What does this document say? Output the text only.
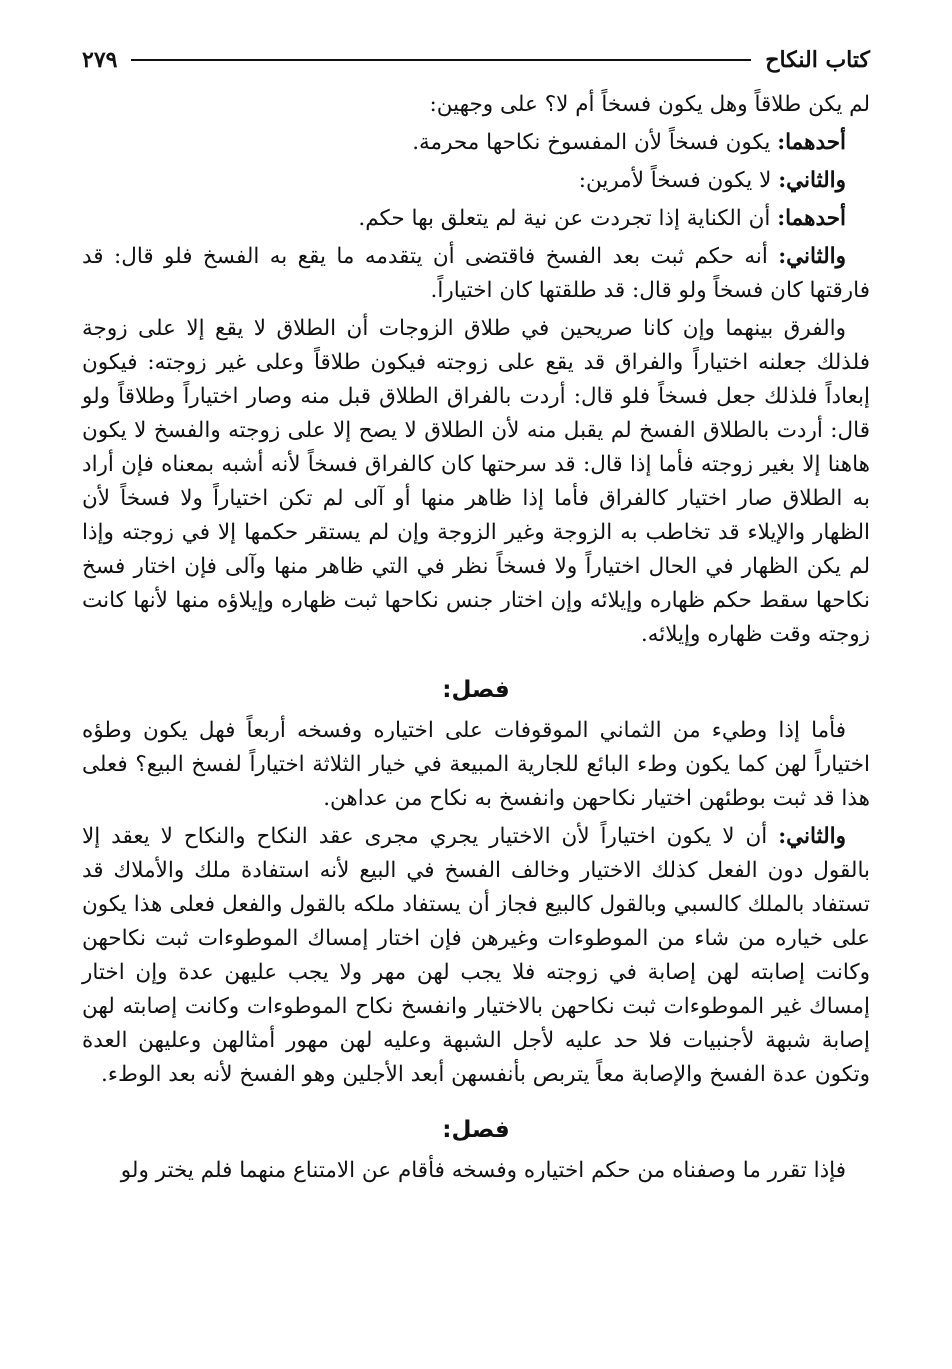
كتاب النكاح
٢٧٩

لم يكن طلاقاً وهل يكون فسخاً أم لا؟ على وجهين:

أحدهما: يكون فسخاً لأن المفسوخ نكاحها محرمة.

والثاني: لا يكون فسخاً لأمرين:

أحدهما: أن الكناية إذا تجردت عن نية لم يتعلق بها حكم.

والثاني: أنه حكم ثبت بعد الفسخ فاقتضى أن يتقدمه ما يقع به الفسخ فلو قال: قد فارقتها كان فسخاً ولو قال: قد طلقتها كان اختياراً.

والفرق بينهما وإن كانا صريحين في طلاق الزوجات أن الطلاق لا يقع إلا على زوجة فلذلك جعلنه اختياراً والفراق قد يقع على زوجته فيكون طلاقاً وعلى غير زوجته: فيكون إبعاداً فلذلك جعل فسخاً فلو قال: أردت بالفراق الطلاق قبل منه وصار اختياراً وطلاقاً ولو قال: أردت بالطلاق الفسخ لم يقبل منه لأن الطلاق لا يصح إلا على زوجته والفسخ لا يكون هاهنا إلا بغير زوجته فأما إذا قال: قد سرحتها كان كالفراق فسخاً لأنه أشبه بمعناه فإن أراد به الطلاق صار اختيار كالفراق فأما إذا ظاهر منها أو آلى لم تكن اختياراً ولا فسخاً لأن الظهار والإيلاء قد تخاطب به الزوجة وغير الزوجة وإن لم يستقر حكمها إلا في زوجته وإذا لم يكن الظهار في الحال اختياراً ولا فسخاً نظر في التي ظاهر منها وآلى فإن اختار فسخ نكاحها سقط حكم ظهاره وإيلائه وإن اختار جنس نكاحها ثبت ظهاره وإيلاؤه منها لأنها كانت زوجته وقت ظهاره وإيلائه.

فصل:

فأما إذا وطيء من الثماني الموقوفات على اختياره وفسخه أربعاً فهل يكون وطؤه اختياراً لهن كما يكون وطء البائع للجارية المبيعة في خيار الثلاثة اختياراً لفسخ البيع؟ فعلى هذا قد ثبت بوطئهن اختيار نكاحهن وانفسخ به نكاح من عداهن.

والثاني: أن لا يكون اختياراً لأن الاختيار يجري مجرى عقد النكاح والنكاح لا يعقد إلا بالقول دون الفعل كذلك الاختيار وخالف الفسخ في البيع لأنه استفادة ملك والأملاك قد تستفاد بالملك كالسبي وبالقول كالبيع فجاز أن يستفاد ملكه بالقول والفعل فعلى هذا يكون على خياره من شاء من الموطوءات وغيرهن فإن اختار إمساك الموطوءات ثبت نكاحهن وكانت إصابته لهن إصابة في زوجته فلا يجب لهن مهر ولا يجب عليهن عدة وإن اختار إمساك غير الموطوءات ثبت نكاحهن بالاختيار وانفسخ نكاح الموطوءات وكانت إصابته لهن إصابة شبهة لأجنبيات فلا حد عليه لأجل الشبهة وعليه لهن مهور أمثالهن وعليهن العدة وتكون عدة الفسخ والإصابة معاً يتربص بأنفسهن أبعد الأجلين وهو الفسخ لأنه بعد الوطء.

فصل:

فإذا تقرر ما وصفناه من حكم اختياره وفسخه فأقام عن الامتناع منهما فلم يختر ولو
